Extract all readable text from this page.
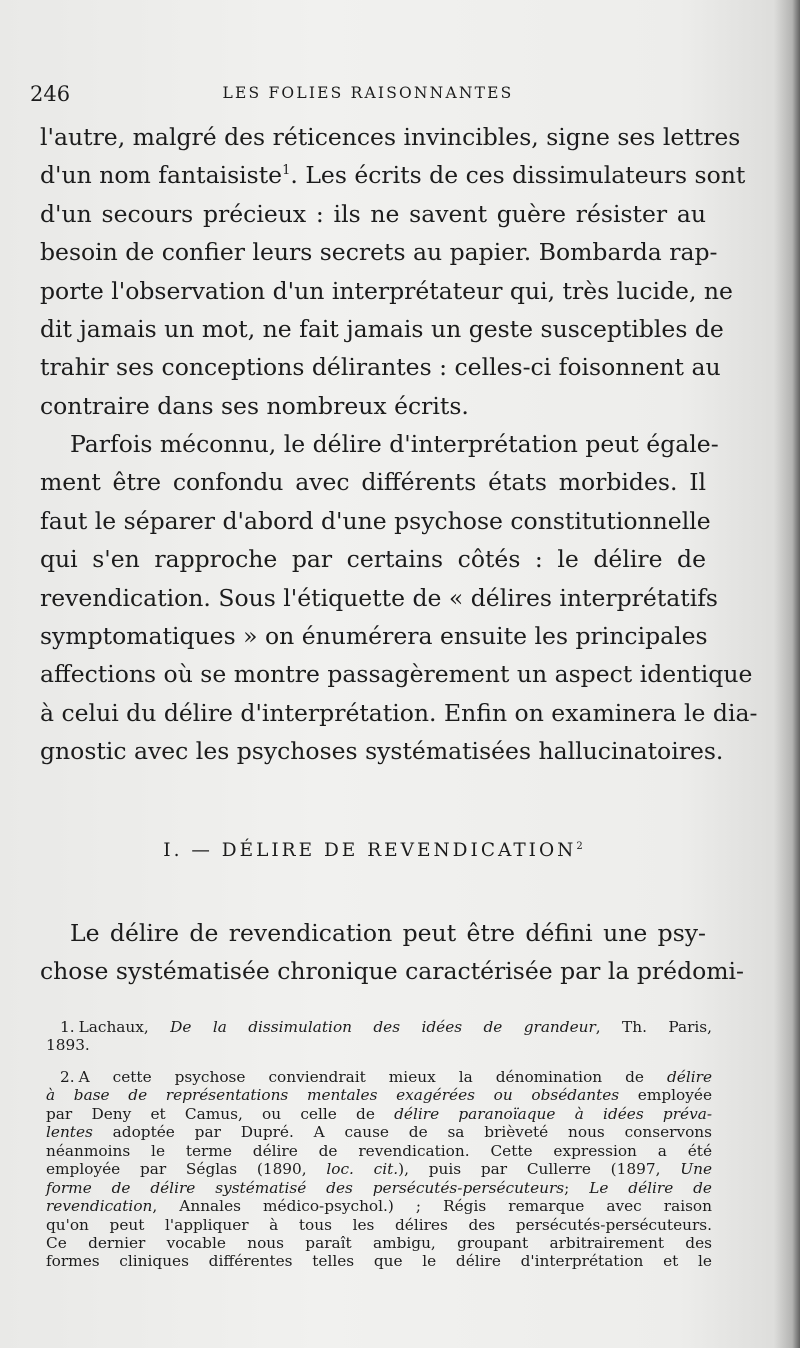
246	LES FOLIES RAISONNANTES
l'autre, malgré des réticences invincibles, signe ses lettres
d'un nom fantaisiste$^1$. Les écrits de ces dissimulateurs sont
d'un secours précieux : ils ne savent guère résister au
besoin de confier leurs secrets au papier. Bombarda rap-
porte l'observation d'un interprétateur qui, très lucide, ne
dit jamais un mot, ne fait jamais un geste susceptibles de
trahir ses conceptions délirantes : celles-ci foisonnent au
contraire dans ses nombreux écrits.
Parfois méconnu, le délire d'interprétation peut égale-
ment être confondu avec différents états morbides. Il
faut le séparer d'abord d'une psychose constitutionnelle
qui s'en rapproche par certains côtés : le délire de
revendication. Sous l'étiquette de « délires interprétatifs
symptomatiques » on énumérera ensuite les principales
affections où se montre passagèrement un aspect identique
à celui du délire d'interprétation. Enfin on examinera le dia-
gnostic avec les psychoses systématisées hallucinatoires.
I. — DÉLIRE DE REVENDICATION$^2$
Le délire de revendication peut être défini une psy-
chose systématisée chronique caractérisée par la prédomi-
1. Lachaux, De la dissimulation des idées de grandeur, Th. Paris,
1893.
2. A cette psychose conviendrait mieux la dénomination de délire
à base de représentations mentales exagérées ou obsédantes employée
par Deny et Camus, ou celle de délire paranoïaque à idées préva-
lentes adoptée par Dupré. A cause de sa brièveté nous conservons
néanmoins le terme délire de revendication. Cette expression a été
employée par Séglas (1890, loc. cit.), puis par Cullerre (1897, Une
forme de délire systématisé des persécutés-persécuteurs; Le délire de
revendication, Annales médico-psychol.) ; Régis remarque avec raison
qu'on peut l'appliquer à tous les délires des persécutés-persécuteurs.
Ce dernier vocable nous paraît ambigu, groupant arbitrairement des
formes cliniques différentes telles que le délire d'interprétation et le
